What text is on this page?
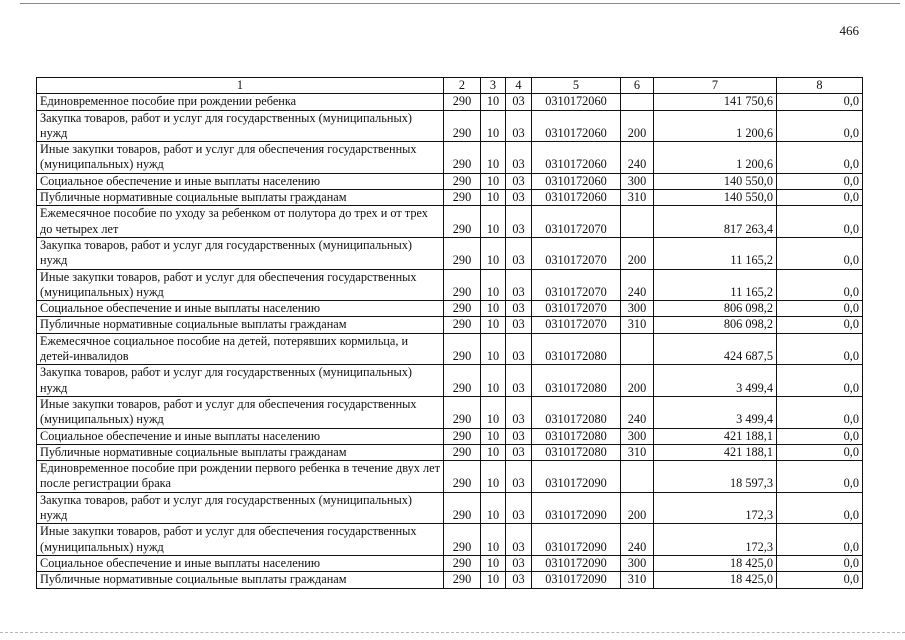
466
1	2	3	4	5	6	7	8
Единовременное пособие при рождении ребенка	290	10	03	0310172060		141 750,6	0,0
Закупка товаров, работ и услуг для государственных (муниципальных) нужд	290	10	03	0310172060	200	1 200,6	0,0
Иные закупки товаров, работ и услуг для обеспечения государственных (муниципальных) нужд	290	10	03	0310172060	240	1 200,6	0,0
Социальное обеспечение и иные выплаты населению	290	10	03	0310172060	300	140 550,0	0,0
Публичные нормативные социальные выплаты гражданам	290	10	03	0310172060	310	140 550,0	0,0
Ежемесячное пособие по уходу за ребенком от полутора до трех и от трех до четырех лет	290	10	03	0310172070		817 263,4	0,0
Закупка товаров, работ и услуг для государственных (муниципальных) нужд	290	10	03	0310172070	200	11 165,2	0,0
Иные закупки товаров, работ и услуг для обеспечения государственных (муниципальных) нужд	290	10	03	0310172070	240	11 165,2	0,0
Социальное обеспечение и иные выплаты населению	290	10	03	0310172070	300	806 098,2	0,0
Публичные нормативные социальные выплаты гражданам	290	10	03	0310172070	310	806 098,2	0,0
Ежемесячное социальное пособие на детей, потерявших кормильца, и детей-инвалидов	290	10	03	0310172080		424 687,5	0,0
Закупка товаров, работ и услуг для государственных (муниципальных) нужд	290	10	03	0310172080	200	3 499,4	0,0
Иные закупки товаров, работ и услуг для обеспечения государственных (муниципальных) нужд	290	10	03	0310172080	240	3 499,4	0,0
Социальное обеспечение и иные выплаты населению	290	10	03	0310172080	300	421 188,1	0,0
Публичные нормативные социальные выплаты гражданам	290	10	03	0310172080	310	421 188,1	0,0
Единовременное пособие при рождении первого ребенка в течение двух лет после регистрации брака	290	10	03	0310172090		18 597,3	0,0
Закупка товаров, работ и услуг для государственных (муниципальных) нужд	290	10	03	0310172090	200	172,3	0,0
Иные закупки товаров, работ и услуг для обеспечения государственных (муниципальных) нужд	290	10	03	0310172090	240	172,3	0,0
Социальное обеспечение и иные выплаты населению	290	10	03	0310172090	300	18 425,0	0,0
Публичные нормативные социальные выплаты гражданам	290	10	03	0310172090	310	18 425,0	0,0
